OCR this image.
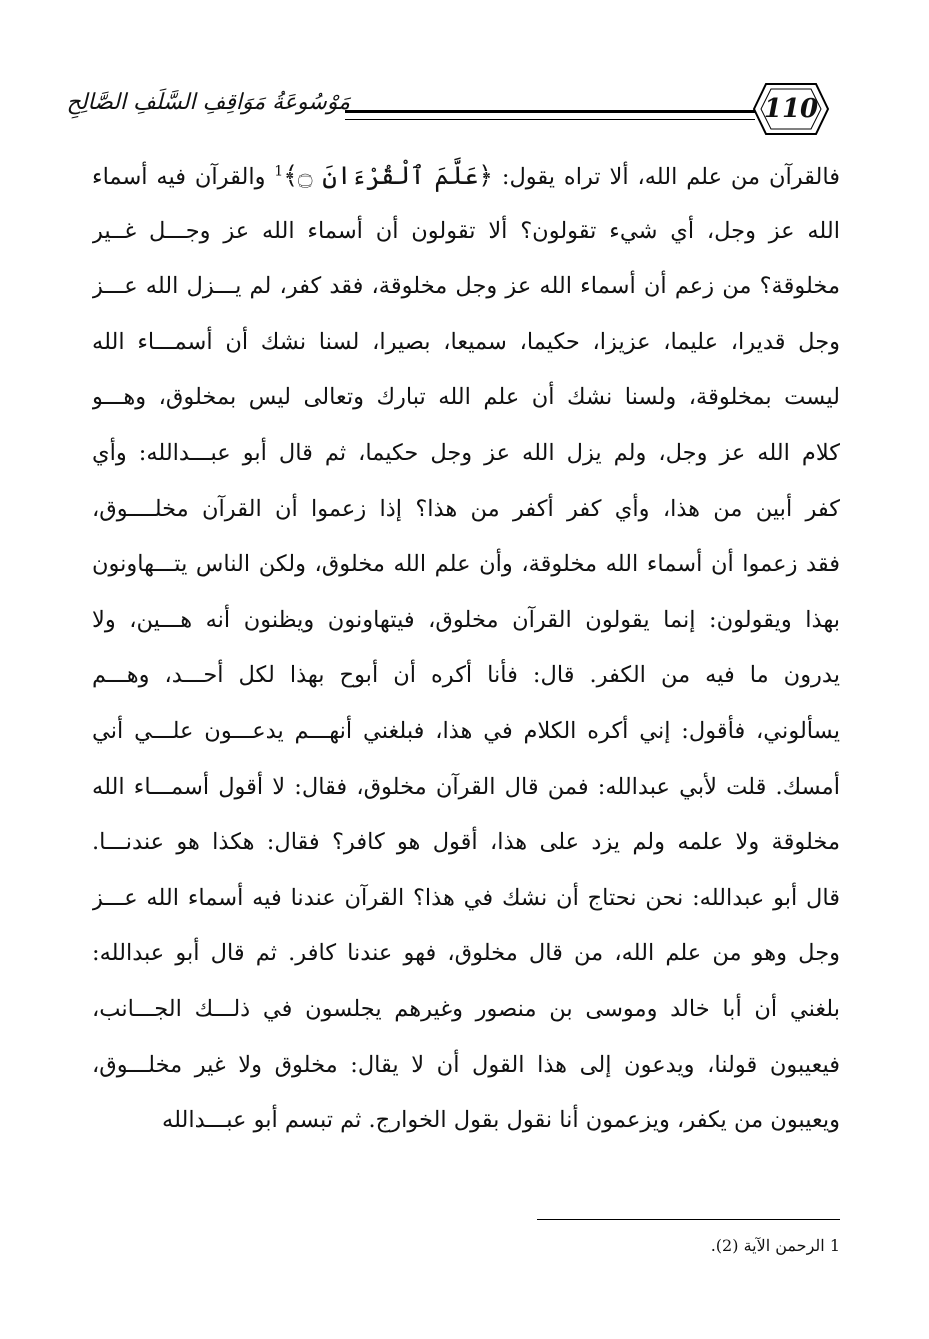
مَوْسُوعَةُ مَوَاقِفِ السَّلَفِ الصَّالِحِ	110
فالقرآن من علم الله، ألا تراه يقول: ﴿عَلَّمَ ٱلْقُرْءَانَ ۝﴾$^1$ والقرآن فيه أسماء
الله عز وجل، أي شيء تقولون؟ ألا تقولون أن أسماء الله عز وجـــل غــير
مخلوقة؟ من زعم أن أسماء الله عز وجل مخلوقة، فقد كفر، لم يـــزل الله عـــز
وجل قديرا، عليما، عزيزا، حكيما، سميعا، بصيرا، لسنا نشك أن أسمـــاء الله
ليست بمخلوقة، ولسنا نشك أن علم الله تبارك وتعالى ليس بمخلوق، وهـــو
كلام الله عز وجل، ولم يزل الله عز وجل حكيما، ثم قال أبو عبـــدالله: وأي
كفر أبين من هذا، وأي كفر أكفر من هذا؟ إذا زعموا أن القرآن مخلــــوق،
فقد زعموا أن أسماء الله مخلوقة، وأن علم الله مخلوق، ولكن الناس يتـــهاونون
بهذا ويقولون: إنما يقولون القرآن مخلوق، فيتهاونون ويظنون أنه هـــين، ولا
يدرون ما فيه من الكفر. قال: فأنا أكره أن أبوح بهذا لكل أحـــد، وهـــم
يسألوني، فأقول: إني أكره الكلام في هذا، فبلغني أنهـــم يدعـــون علـــي أني
أمسك. قلت لأبي عبدالله: فمن قال القرآن مخلوق، فقال: لا أقول أسمـــاء الله
مخلوقة ولا علمه ولم يزد على هذا، أقول هو كافر؟ فقال: هكذا هو عندنـــا.
قال أبو عبدالله: نحن نحتاج أن نشك في هذا؟ القرآن عندنا فيه أسماء الله عـــز
وجل وهو من علم الله، من قال مخلوق، فهو عندنا كافر. ثم قال أبو عبدالله:
بلغني أن أبا خالد وموسى بن منصور وغيرهم يجلسون في ذلـــك الجـــانب،
فيعيبون قولنا، ويدعون إلى هذا القول أن لا يقال: مخلوق ولا غير مخلـــوق،
ويعيبون من يكفر، ويزعمون أنا نقول بقول الخوارج. ثم تبسم أبو عبـــدالله
1 الرحمن الآية (2).
